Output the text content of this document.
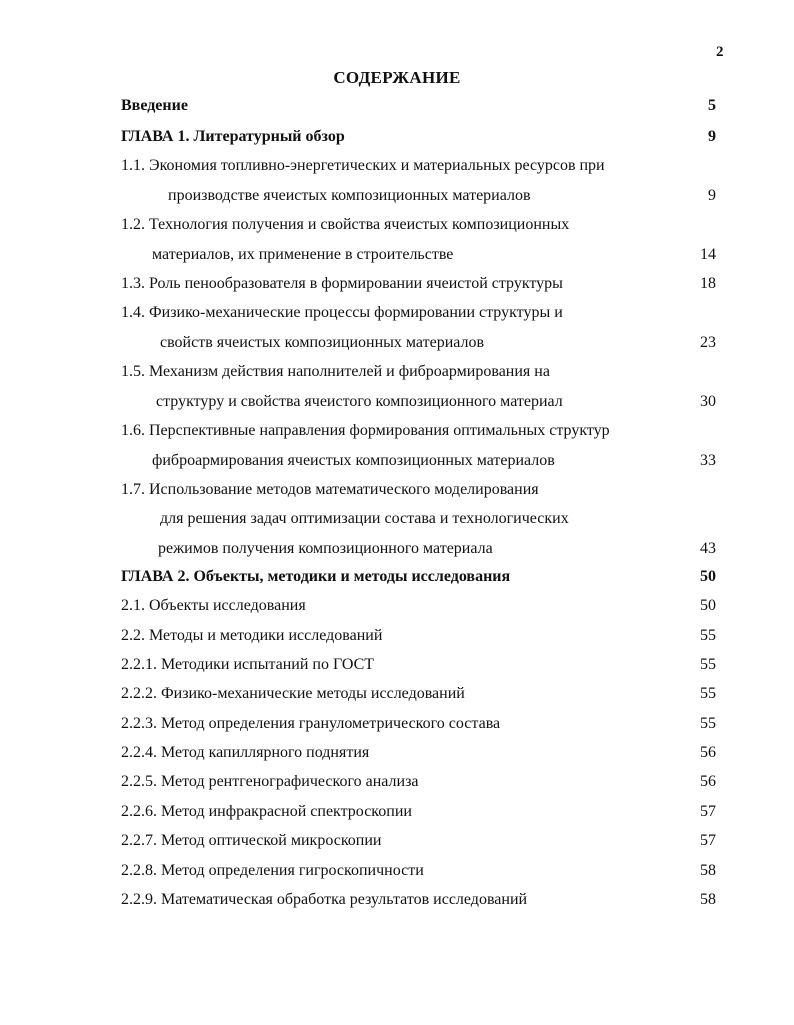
2
СОДЕРЖАНИЕ
Введение	5
ГЛАВА 1. Литературный обзор	9
1.1. Экономия топливно-энергетических и материальных ресурсов при
производстве ячеистых композиционных материалов	9
1.2. Технология получения и свойства ячеистых композиционных
материалов, их применение в строительстве	14
1.3. Роль пенообразователя в формировании ячеистой структуры	18
1.4. Физико-механические процессы формировании структуры и
свойств ячеистых композиционных материалов	23
1.5. Механизм действия наполнителей и фиброармирования на
структуру и свойства ячеистого композиционного материал	30
1.6. Перспективные направления формирования оптимальных структур
фиброармирования ячеистых композиционных материалов	33
1.7. Использование методов математического моделирования
для решения задач оптимизации состава и технологических
режимов получения композиционного материала	43
ГЛАВА 2. Объекты, методики и методы исследования	50
2.1. Объекты исследования	50
2.2. Методы и методики исследований	55
2.2.1. Методики испытаний по ГОСТ	55
2.2.2. Физико-механические методы исследований	55
2.2.3. Метод определения гранулометрического состава	55
2.2.4. Метод капиллярного поднятия	56
2.2.5. Метод рентгенографического анализа	56
2.2.6. Метод инфракрасной спектроскопии	57
2.2.7. Метод оптической микроскопии	57
2.2.8. Метод определения гигроскопичности	58
2.2.9. Математическая обработка результатов исследований	58
